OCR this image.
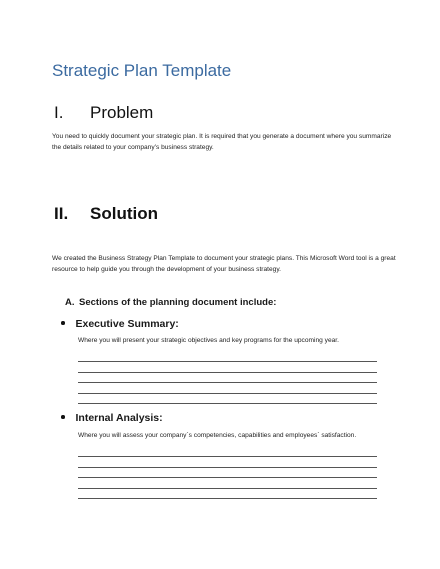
Strategic Plan Template
I. Problem
You need to quickly document your strategic plan. It is required that you generate a document where you summarize the details related to your company’s business strategy.
II. Solution
We created the Business Strategy Plan Template to document your strategic plans. This Microsoft Word tool is a great resource to help guide you through the development of your business strategy.
A. Sections of the planning document include:
Executive Summary:
Where you will present your strategic objectives and key programs for the upcoming year.
Internal Analysis:
Where you will assess your company`s competencies, capabilities and employees` satisfaction.
